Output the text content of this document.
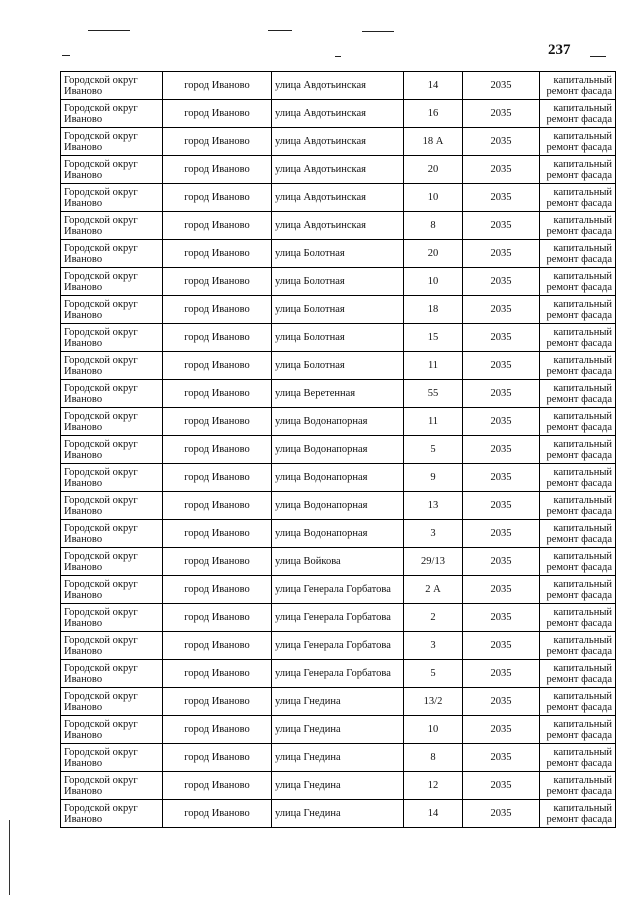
237
Городской округ
Иваново	город Иваново	улица Авдотьинская	14	2035	капитальный
ремонт фасада

Городской округ
Иваново	город Иваново	улица Авдотьинская	16	2035	капитальный
ремонт фасада

Городской округ
Иваново	город Иваново	улица Авдотьинская	18 А	2035	капитальный
ремонт фасада

Городской округ
Иваново	город Иваново	улица Авдотьинская	20	2035	капитальный
ремонт фасада

Городской округ
Иваново	город Иваново	улица Авдотьинская	10	2035	капитальный
ремонт фасада

Городской округ
Иваново	город Иваново	улица Авдотьинская	8	2035	капитальный
ремонт фасада

Городской округ
Иваново	город Иваново	улица Болотная	20	2035	капитальный
ремонт фасада

Городской округ
Иваново	город Иваново	улица Болотная	10	2035	капитальный
ремонт фасада

Городской округ
Иваново	город Иваново	улица Болотная	18	2035	капитальный
ремонт фасада

Городской округ
Иваново	город Иваново	улица Болотная	15	2035	капитальный
ремонт фасада

Городской округ
Иваново	город Иваново	улица Болотная	11	2035	капитальный
ремонт фасада

Городской округ
Иваново	город Иваново	улица Веретенная	55	2035	капитальный
ремонт фасада

Городской округ
Иваново	город Иваново	улица Водонапорная	11	2035	капитальный
ремонт фасада

Городской округ
Иваново	город Иваново	улица Водонапорная	5	2035	капитальный
ремонт фасада

Городской округ
Иваново	город Иваново	улица Водонапорная	9	2035	капитальный
ремонт фасада

Городской округ
Иваново	город Иваново	улица Водонапорная	13	2035	капитальный
ремонт фасада

Городской округ
Иваново	город Иваново	улица Водонапорная	3	2035	капитальный
ремонт фасада

Городской округ
Иваново	город Иваново	улица Войкова	29/13	2035	капитальный
ремонт фасада

Городской округ
Иваново	город Иваново	улица Генерала Горбатова	2 А	2035	капитальный
ремонт фасада

Городской округ
Иваново	город Иваново	улица Генерала Горбатова	2	2035	капитальный
ремонт фасада

Городской округ
Иваново	город Иваново	улица Генерала Горбатова	3	2035	капитальный
ремонт фасада

Городской округ
Иваново	город Иваново	улица Генерала Горбатова	5	2035	капитальный
ремонт фасада

Городской округ
Иваново	город Иваново	улица Гнедина	13/2	2035	капитальный
ремонт фасада

Городской округ
Иваново	город Иваново	улица Гнедина	10	2035	капитальный
ремонт фасада

Городской округ
Иваново	город Иваново	улица Гнедина	8	2035	капитальный
ремонт фасада

Городской округ
Иваново	город Иваново	улица Гнедина	12	2035	капитальный
ремонт фасада

Городской округ
Иваново	город Иваново	улица Гнедина	14	2035	капитальный
ремонт фасада
